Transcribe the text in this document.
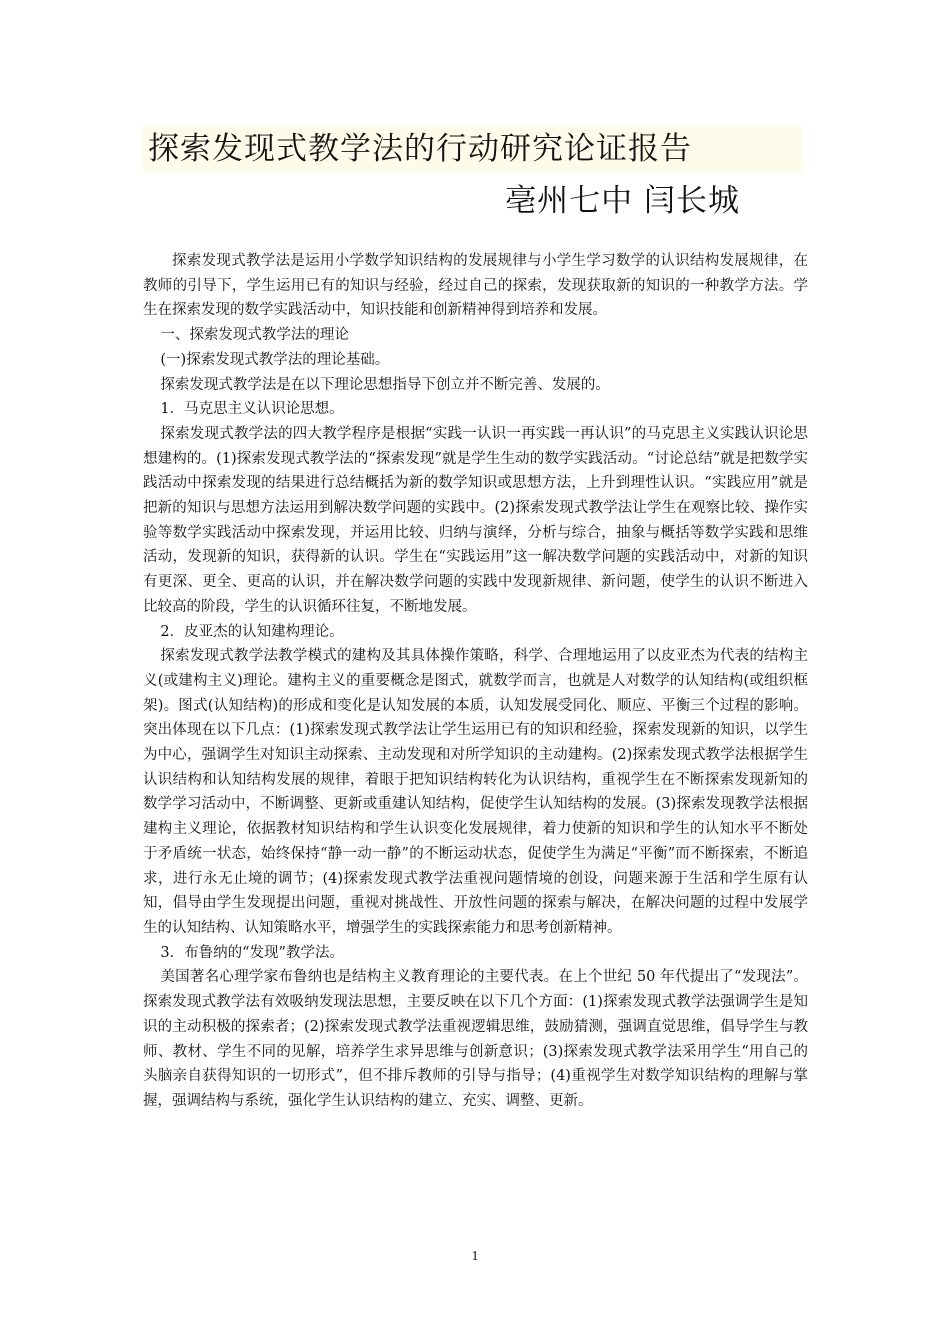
探索发现式教学法的行动研究论证报告
亳州七中 闫长城

探索发现式教学法是运用小学数学知识结构的发展规律与小学生学习数学的认识结构发展规律，在教师的引导下，学生运用已有的知识与经验，经过自己的探索，发现获取新的知识的一种教学方法。学生在探索发现的数学实践活动中，知识技能和创新精神得到培养和发展。

一、探索发现式教学法的理论

(一)探索发现式教学法的理论基础。

探索发现式教学法是在以下理论思想指导下创立并不断完善、发展的。

1．马克思主义认识论思想。

探索发现式教学法的四大教学程序是根据“实践一认识一再实践一再认识”的马克思主义实践认识论思想建构的。(1)探索发现式教学法的“探索发现”就是学生生动的数学实践活动。“讨论总结”就是把数学实践活动中探索发现的结果进行总结概括为新的数学知识或思想方法，上升到理性认识。“实践应用”就是把新的知识与思想方法运用到解决数学问题的实践中。(2)探索发现式教学法让学生在观察比较、操作实验等数学实践活动中探索发现，并运用比较、归纳与演绎，分析与综合，抽象与概括等数学实践和思维活动，发现新的知识，获得新的认识。学生在“实践运用”这一解决数学问题的实践活动中，对新的知识有更深、更全、更高的认识，并在解决数学问题的实践中发现新规律、新问题，使学生的认识不断进入比较高的阶段，学生的认识循环往复，不断地发展。

2．皮亚杰的认知建构理论。

探索发现式教学法教学模式的建构及其具体操作策略，科学、合理地运用了以皮亚杰为代表的结构主义(或建构主义)理论。建构主义的重要概念是图式，就数学而言，也就是人对数学的认知结构(或组织框架)。图式(认知结构)的形成和变化是认知发展的本质，认知发展受同化、顺应、平衡三个过程的影响。突出体现在以下几点：(1)探索发现式教学法让学生运用已有的知识和经验，探索发现新的知识，以学生为中心，强调学生对知识主动探索、主动发现和对所学知识的主动建构。(2)探索发现式教学法根据学生认识结构和认知结构发展的规律，着眼于把知识结构转化为认识结构，重视学生在不断探索发现新知的数学学习活动中，不断调整、更新或重建认知结构，促使学生认知结构的发展。(3)探索发现教学法根据建构主义理论，依据教材知识结构和学生认识变化发展规律，着力使新的知识和学生的认知水平不断处于矛盾统一状态，始终保持“静一动一静”的不断运动状态，促使学生为满足“平衡”而不断探索，不断追求，进行永无止境的调节；(4)探索发现式教学法重视问题情境的创设，问题来源于生活和学生原有认知，倡导由学生发现提出问题，重视对挑战性、开放性问题的探索与解决，在解决问题的过程中发展学生的认知结构、认知策略水平，增强学生的实践探索能力和思考创新精神。

3．布鲁纳的“发现”教学法。

美国著名心理学家布鲁纳也是结构主义教育理论的主要代表。在上个世纪 50 年代提出了“发现法”。探索发现式教学法有效吸纳发现法思想，主要反映在以下几个方面：(1)探索发现式教学法强调学生是知识的主动积极的探索者；(2)探索发现式教学法重视逻辑思维，鼓励猜测，强调直觉思维，倡导学生与教师、教材、学生不同的见解，培养学生求异思维与创新意识；(3)探索发现式教学法采用学生“用自己的头脑亲自获得知识的一切形式”，但不排斥教师的引导与指导；(4)重视学生对数学知识结构的理解与掌握，强调结构与系统，强化学生认识结构的建立、充实、调整、更新。

1
